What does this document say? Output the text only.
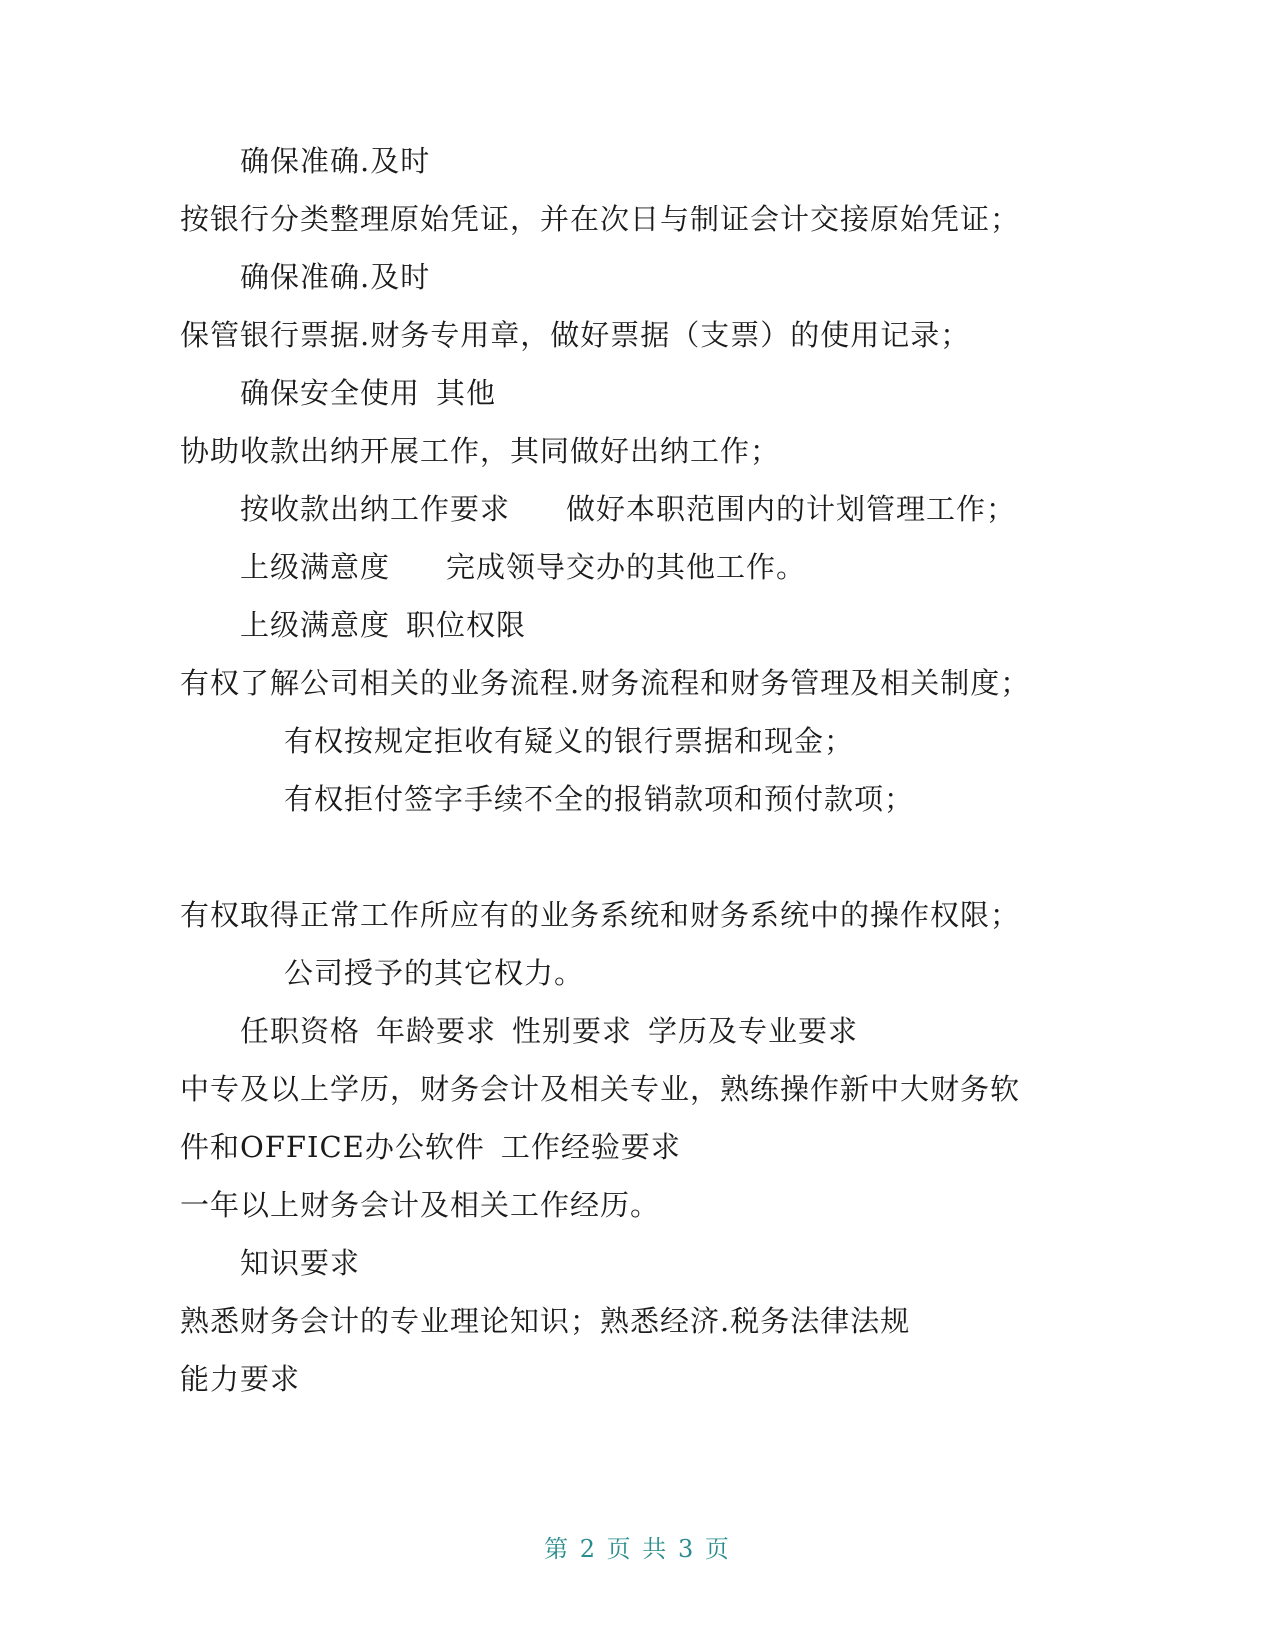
确保准确.及时
按银行分类整理原始凭证，并在次日与制证会计交接原始凭证；
确保准确.及时
保管银行票据.财务专用章，做好票据（支票）的使用记录；
确保安全使用 其他
协助收款出纳开展工作，其同做好出纳工作；
按收款出纳工作要求 做好本职范围内的计划管理工作；
上级满意度 完成领导交办的其他工作。
上级满意度 职位权限
有权了解公司相关的业务流程.财务流程和财务管理及相关制度；
有权按规定拒收有疑义的银行票据和现金；
有权拒付签字手续不全的报销款项和预付款项；
有权取得正常工作所应有的业务系统和财务系统中的操作权限；
公司授予的其它权力。
任职资格 年龄要求 性别要求 学历及专业要求
中专及以上学历，财务会计及相关专业，熟练操作新中大财务软
件和OFFICE办公软件 工作经验要求
一年以上财务会计及相关工作经历。
知识要求
熟悉财务会计的专业理论知识；熟悉经济.税务法律法规
能力要求
第 2 页 共 3 页
